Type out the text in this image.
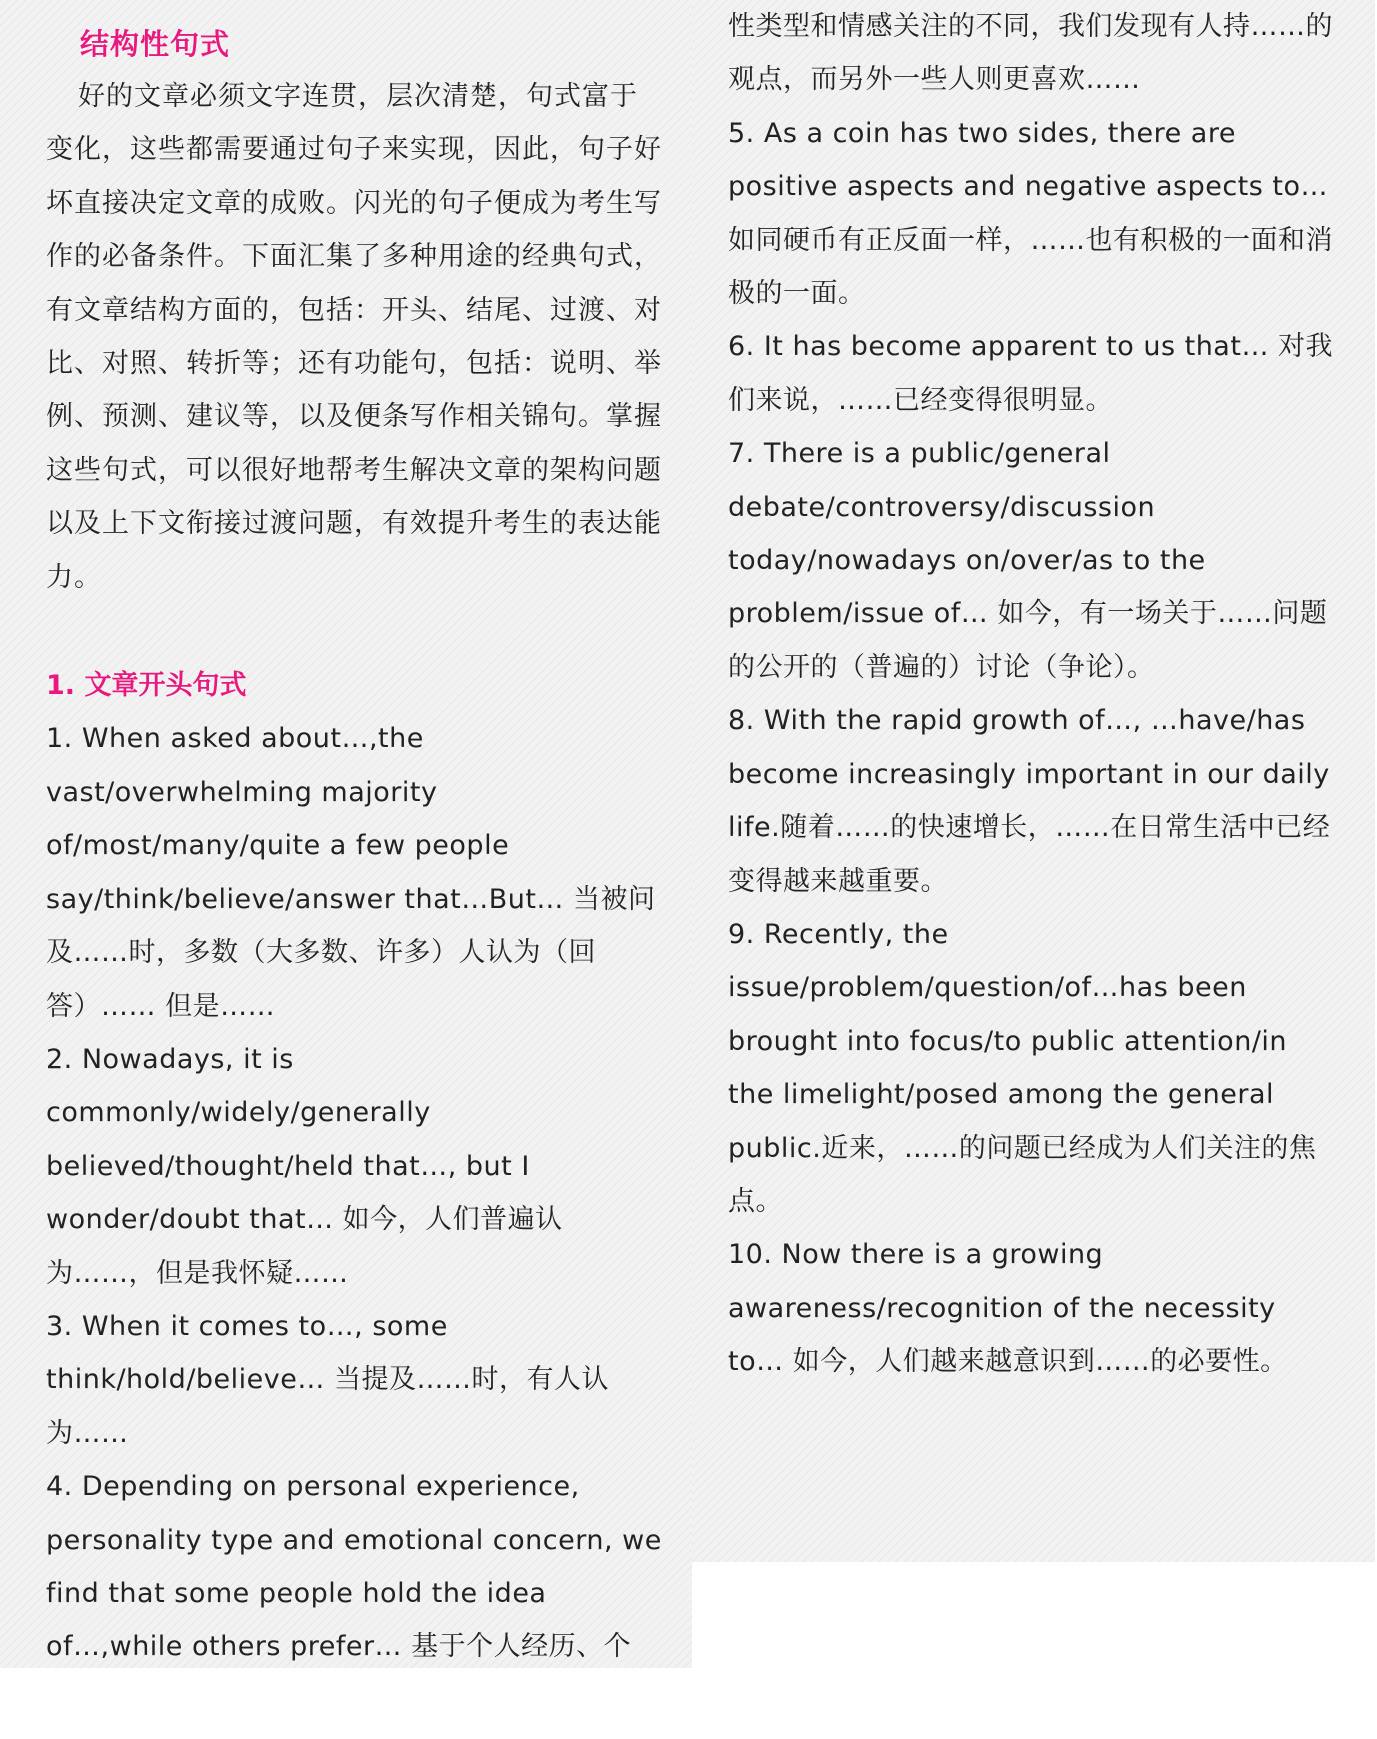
结构性句式

好的文章必须文字连贯，层次清楚，句式富于变化，这些都需要通过句子来实现，因此，句子好坏直接决定文章的成败。闪光的句子便成为考生写作的必备条件。下面汇集了多种用途的经典句式，有文章结构方面的，包括：开头、结尾、过渡、对比、对照、转折等；还有功能句，包括：说明、举例、预测、建议等，以及便条写作相关锦句。掌握这些句式，可以很好地帮考生解决文章的架构问题以及上下文衔接过渡问题，有效提升考生的表达能力。

1. 文章开头句式

1. When asked about…,the vast/overwhelming majority of/most/many/quite a few people say/think/believe/answer that…But… 当被问及……时，多数（大多数、许多）人认为（回答）…… 但是……

2. Nowadays, it is commonly/widely/generally believed/thought/held that…, but I wonder/doubt that… 如今，人们普遍认为……，但是我怀疑……

3. When it comes to…, some think/hold/believe… 当提及……时，有人认为……

4. Depending on personal experience, personality type and emotional concern, we find that some people hold the idea of…,while others prefer… 基于个人经历、个

性类型和情感关注的不同，我们发现有人持……的观点，而另外一些人则更喜欢……

5. As a coin has two sides, there are positive aspects and negative aspects to… 如同硬币有正反面一样，……也有积极的一面和消极的一面。

6. It has become apparent to us that… 对我们来说，……已经变得很明显。

7. There is a public/general debate/controversy/discussion today/nowadays on/over/as to the problem/issue of… 如今，有一场关于……问题的公开的（普遍的）讨论（争论）。

8. With the rapid growth of…, …have/has become increasingly important in our daily life.随着……的快速增长，……在日常生活中已经变得越来越重要。

9. Recently, the issue/problem/question/of…has been brought into focus/to public attention/in the limelight/posed among the general public.近来，……的问题已经成为人们关注的焦点。

10. Now there is a growing awareness/recognition of the necessity to… 如今，人们越来越意识到……的必要性。
